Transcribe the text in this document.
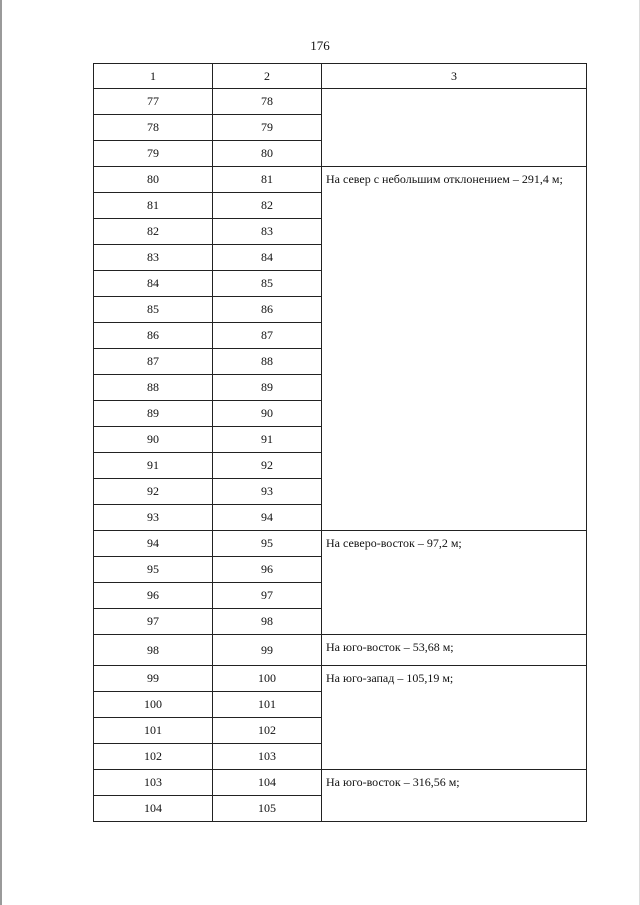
176
1	2	3
77	78	
78	79	
79	80	
80	81	На север с небольшим отклонением – 291,4 м;
81	82	
82	83	
83	84	
84	85	
85	86	
86	87	
87	88	
88	89	
89	90	
90	91	
91	92	
92	93	
93	94	
94	95	На северо-восток – 97,2 м;
95	96	
96	97	
97	98	
98	99	На юго-восток – 53,68 м;
99	100	На юго-запад – 105,19 м;
100	101	
101	102	
102	103	
103	104	На юго-восток – 316,56 м;
104	105	
